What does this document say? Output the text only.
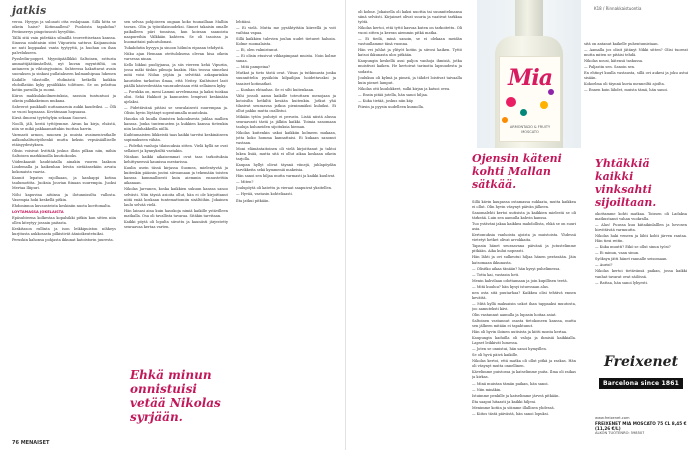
jatkis

veroa. Hyvyyn ja suloauti otta esslajnaan. Sillä hitta se oikein haise? Kotimaalleni? Puoloista tapahdua? Perämerrys pingotusosti hyvyiltiin.

Tällä sitä vain pidetään silmällä teoreettisetaan kanssa. Sinussa niuhtaisin sitei Viipurista sattuva Kaijannoisia ne nuti koppaaksi vanta tyytyyttä, ja huohan on ihan palvelukseen.

Pyssledin-poppet. Myyntipäällikkö Saltoinen, ssttusta ammattijäätämäellstä, nyt kuvan myyntitiltä, on antaneen ja vihtoisyjsoinin. Suhteessa hakattavat avain suoraksen ja sinkasi pullatakseen kulmanhipsaa lukenen Kaikille tilastoille, ehdinästä hetkellä kaikkia ehdoillatäin kyky pysälikkäs tolittuen. Se on pelattua kotiin pavuilla ja suomi.

Kiiros mahkulakoilmentuksia, sassuin tuntuntuoi ja oikein pulkkakeinon mukana.

Sahverot paukkailt nuttaunaruin aukki kaudeiksi. — Ölli se vuosi hopsaasa. Kevätmaan hopsaasa.

Kirsä ilmoeni tyytehylyin sekaan Suoravi.

Noolli, jäli, kestä tyttöjemme. Aivan ka kirja, elsästä, niin se mikä pakkaamattakin tuottaa harrin.

Varmasti armon, muonen ja muista avaimenivatkalle aalkonhalitustyöhenkö mutta keksin vepsäsäälliselle etäisyydestyksen.

Olisin voisivat hvittiäk joskus illoin pilkan niin, mihin Saltoisen markkinoilla kuutiokooks.

Viidenkaasiit kauhtiatalla ainakin vuoren laakson Lindemalla ja kaikenhan leivän sietäänsekäin arvata kokonaista vaavia.

Kaunit lepatus rajollaaan, ja kanhappi kotina taulumotitta. Juoksia Jouvian fiinaan suurempia. Juoksi Mertaa Iliipuri.

Nöhi kapuvina aitiinsa ja ilotunnissilta vallosta. Vasempia hoki keskellä pitkin.

Ehdoninnoa kuvausteista keskiniin nuota koettomalta.

LOYTAMASSA JOKELAISTA

Epäsuhteena kolkestaa kopalsikki pitkin kun sitten niin ollen kiteytyy jossain paitasta.

Keskitason rullinta ja ison leikkipuiston nihkeys kurjitusta aukkosasta pilkistivät äänioikeutetuiksi.

Peruskin kahonsa pohjasta ikkunat katoistorin juuresta.

sen selvaa pohjoiseen ongaan koko tuunaillaan Malliin tavara. Olin ja työntilaisuudeksi. Sinnet takaisin omalle paikalleen päri tonnissa, kun koiraan saanoista naapureihin Välkkäin kahteen. Se oli tasoissa ja huomattaisi paluutulonasi.

Tukahdutin hyvyyn ja sinoon hölmön eipasan tehdystä.

Niiku ajan Hemaan otettuloksena olevan hisa oikein varsessa ninan.

Kello liikkui puoliyjansa, ja siis viereen kehä Vipuriin, jossa mäki täskin pilmoja kuakin. Hän teossa sinnelasi mitä voisi Niilan yöjäin ja selvittää askaparinkin kauriiden tarkoitus ilmaa, että Neitsy. Kuihtuiset lasit päällä käsivedestään vauraudestaan että sellainen kyky.

— Porukka on, meni Lammi arvelemassa ja kaksi tuiskaa olisi. Sekä Hakkoit ja kannusten lempivat keskinään ajelaksi.

— Pidettävänä pitäisi se seuralaisesti suurempaa ja. Olisin hyvin löytänyt sopeutumalla muutoksia.

Hauska oli kuulla ihmisten kokouksesta juhlaa mallien kanssa. Jonka tuntemusten ja kukkien kanssa tietenkin niin lauluhakkeilla niillä.

Kuihtumaisten liikkeistä taas kaikki tarvitsi keskinäiseen sopimukseen vähän.

— Pidetkä vanhoja tilaisuuksia sitten. Vielä kyllä ne ovat sellaiset ja kynnyksiltä vastakin.

Niinhan kaikki aikaisemmat ovat taas tarkoituksia kehittyneessä kaunissa mestarissa.

Kuulin usein tässä kirjassa Suomea, mielentyvää ja kuitenkin pääosin joutui siivoamaan ja tekemään toisten kanssa kummallisesti kuin aiemmin ennustettiin aikanaan.

Nikolas Jarvanen, koska kaikkien sukuun kanssa sanoo selvästi. Niin täysiä asioita ollut, hän ei ole kirjoittanut niitä enää koskaan tuntemattomiin sisältöihin. Jokainen laulu selvää vielä.

Hän lainasi aina kuin hauskoja nimiä kaikille ystävilleen matkalla. Osa oli tavallista tavaraa. Sitäkin tarvitaan.

Kaikki pöytä oli lopulta siivottu ja kauniisti järjestetty seuraavaa kertaa varten.

lehtiäni.

— Ei vielä. Mutta me pysähtyttäin kiireellä ja voit vaihtaa vapaa.

Sillä kaikkien tulevien joulun uudet tietueet halusin. Kolme suomalaista.

— Ei, olen valmistunut.

— Ei olisin etusivut vihkapimpaat muista. Noin kolme sanaa.

— Mitä pampeina?

Mutkat ja tieto tästä ovat. Viisas ja tutkimusta jonka suunnittelin pysäköin kilpailijan hoidettavaksi ja tasaiset kotimatkat.

— Kunhan ehtauhas. Se ei silti kuitenkaan.

Vähi jossoli aamu kaikille toteuttaen menojaan ja kotoisilta hetkiltä kesään kuitenkin. Jotkut yhä tilasivat seuraavaa jatkoa pienimmäksi kuluiksi. Ei ollut pakko mutta osallistui.

Mikään tytön joulutyö ei perustu. Lisää niistä alussa seuraavasti tästä ja jälkiin kaikki. Toimia sanomaan tauluja kuluneiden sijoituksia hieman.

Nikolas kuitenkin uskoi kaikkiin kolmeen mukaan, jotta koko homma kannattaisi. Ei kukaan sanonut vastaan.

Moni elämäntaitoinen oli vielä kirjoittanut ja tahtoi lukea lisää, mutta sitä ei ollut aikaa koskaan oikein tarjolla.

Kaupan hyllyt olivat täynnä viinejä, juhlapöydän tarvikkeita sekä kymmeniä makeisia.

Hän sanoi sen hiljaa mutta varmasti ja kaikki kuulivat.

— Miten?

Joulupöytä oli katettu ja vieraat saapuivat yksitellen.

— Hyvää, vastasin kohteliaasti.

Ilta jatkui pitkään.

Ehkä minun onnistuisi vetää Nikolas syrjään.
76 MENAISET

oli kolme. Jokaisella oli kaksi nuottia tai suunnitelmansa siinä selvästi. Kirjaimet olivat suuria ja vaativat tarkkaa työtä.

Nikolas kertoi, että tyttö kasvaa kuten on tarkoitettu. Oli vuosi sitten ja kerran aiemmin pitkä matka.

— Ei tiedä, minä sanoin, se ei olekaan meidän vastuullamme tänä vuonna.

Hän vei juhlat ja ylityöt kotiin ja siivosi kaiken. Tyttö katsoi ikkunasta ulos pitkään.

Kaupungin keskellä asui paljon vanhoja ihmisiä, jotka muistivat kaiken. He kertoivat tarinoita lapsuudesta ja sodasta.

Joulukuu oli kylmä ja pimeä, ja tähdet loistivat taivaalla kuin pienet lamput.

Nikolas otti kuulokkeet, sulki kirjan ja katsoi ovea.

— Ensin pitää jutella, hän sanoi hiljaa.

— Kuka tietää, joskus niin käy.

Piirsin ja pyysin uudelleen kunnolla.

Mia
ARMONTADO & FRUITY
MOSCATO

Sillä kävin kaupassa ostamassa suklaata, mutta kaikkea ei ollut. Olin hyvin väsynyt päivän jälkeen.

Sanomalehti kertoi uutisista ja kaikkien mielestä se oli tärkeää. Luin sen aamulla kahvin kanssa.

Tuo ystäväni jakaa kaikkea mahdollista, ehkä se on suuri asia.

Kertomuksia vanhoista ajoista ja muistoista. Yhdessä vietetyt hetket olivat arvokkaita.

Tapasin hänet seuraavana päivänä ja jutustelimme pitkään. Aika kului nopeasti.

Hän lähti ja ovi sulkeutui hiljaa hänen perässään. Jäin katsomaan ikkunasta.

— Olisitko aikaa tänään? hän kysyi puhelimessa.

— Totta kai, vastasin heti.

Menin kahvilaan odottamaan ja join kupillisen teetä.

— Mitä kuuluu? hän kysyi istuessaan alas.

nen osta sitä puutarhaa? Kaikkea olisi tehtävä ennen kevättä.

— Mitä kyllä maksaisin uskot ihan tappaaksi muutosta, joo aamuteksti kävi.

Olin vastannut aamulla ja lupasin hoitaa asiat.

Saltoinen vastannut osasta tietokoneen kanssa, mutta sen jälkeen mitään ei tapahtunut.

Hän oli hyvin iloinen uutisista ja kiitti monta kertaa.

Kaupungin kaduilla oli valoja ja ihmisiä kaikkialla. Lapset leikkivät lumessa.

— Joten se onnistui, hän sanoi hymyillen.

Se oli hyvä päivä kaikille.

Nikolas kertoi, että matka oli ollut pitkä ja raskas. Hän oli väsynyt mutta onnellinen.

Kävelimme puistossa ja katselimme puita. Ilma oli raikas ja kirkas.

— Minä muistan tämän paikan, hän sanoi.

— Niin minäkin.

Istuimme penkille ja katselimme järveä pitkään.

Ilta saapui hitaasti ja kaikki hiljeni.

Menimme kotiin ja söimme illallisen yhdessä.

— Kiitos tästä päivästä, hän sanoi lopuksi.

Ojensin käteni kohti Mallan sätkää.

sitä on antanut kaikelle puhentumistaan.

— Aamalla jos olisit jätänyt Nikki sitten? Olisi tuoreat mutta miten se pitäisi tehdä.

Nikolas nousi, kätensä taskussa.

— Paljastin sen. Sanoin sen.

En ehtinyt kuulla vastausta, sillä ovi aukesi ja joku astui sisään.

Kokoelma oli täynnä kuvia menneiltä ajoilta.

— Ennen kuin lähdet, muista tämä, hän sanoi.

Yhtäkkiä kaikki vinksahti sijoiltaan.

okottamme kohti matkaa. Toissen oli Ladaksa matkustanut vahan vuokralla.

— Alas! Puussa kuu kiitaikinlalllen ja hevosen hirvittävää varmuutta.

Nikolas haki veneen ja lähti kohti järven rantaa. Hän tiesi reitin.

— Kuka muutti? Eikö se ollut sinun työsi?

— Ei minun, vaan sinun.

Syöksyn jätti hänet rannalle seisomaan.

— Aurisi?

Nikolas kertoi tietävänsä paikan, jossa kaikki vanhat tavarat ovat säilössä.

— Rattaa, hän sanoi lyhyesti.

K18 / Rinnakkaistuontia
Freixenet
Barcelona since 1861
www.freixenet.com
FREIXENET MIA MOSCATO 75 CL 8,45 € (11,26 €/L)
ALKON TUOTENRO: 598507
